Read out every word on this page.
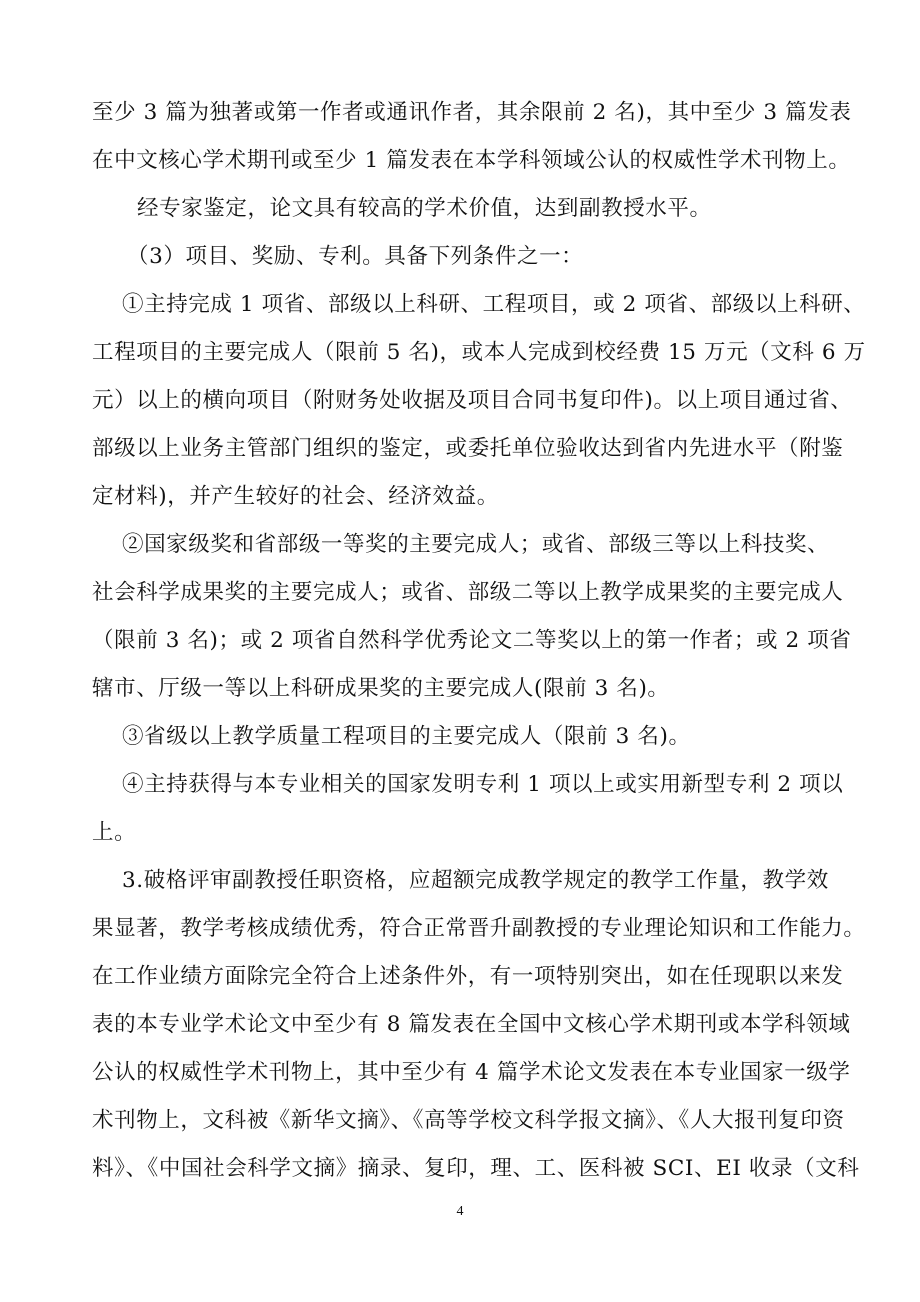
至少 3 篇为独著或第一作者或通讯作者，其余限前 2 名)，其中至少 3 篇发表
在中文核心学术期刊或至少 1 篇发表在本学科领域公认的权威性学术刊物上。
经专家鉴定，论文具有较高的学术价值，达到副教授水平。
（3）项目、奖励、专利。具备下列条件之一：
①主持完成 1 项省、部级以上科研、工程项目，或 2 项省、部级以上科研、
工程项目的主要完成人（限前 5 名)，或本人完成到校经费 15 万元（文科 6 万
元）以上的横向项目（附财务处收据及项目合同书复印件)。以上项目通过省、
部级以上业务主管部门组织的鉴定，或委托单位验收达到省内先进水平（附鉴
定材料)，并产生较好的社会、经济效益。
②国家级奖和省部级一等奖的主要完成人；或省、部级三等以上科技奖、
社会科学成果奖的主要完成人；或省、部级二等以上教学成果奖的主要完成人
（限前 3 名)；或 2 项省自然科学优秀论文二等奖以上的第一作者；或 2 项省
辖市、厅级一等以上科研成果奖的主要完成人(限前 3 名)。
③省级以上教学质量工程项目的主要完成人（限前 3 名)。
④主持获得与本专业相关的国家发明专利 1 项以上或实用新型专利 2 项以
上。
3.破格评审副教授任职资格，应超额完成教学规定的教学工作量，教学效
果显著，教学考核成绩优秀，符合正常晋升副教授的专业理论知识和工作能力。
在工作业绩方面除完全符合上述条件外，有一项特别突出，如在任现职以来发
表的本专业学术论文中至少有 8 篇发表在全国中文核心学术期刊或本学科领域
公认的权威性学术刊物上，其中至少有 4 篇学术论文发表在本专业国家一级学
术刊物上，文科被《新华文摘》、《高等学校文科学报文摘》、《人大报刊复印资
料》、《中国社会科学文摘》摘录、复印，理、工、医科被 SCI、EI 收录（文科
4
